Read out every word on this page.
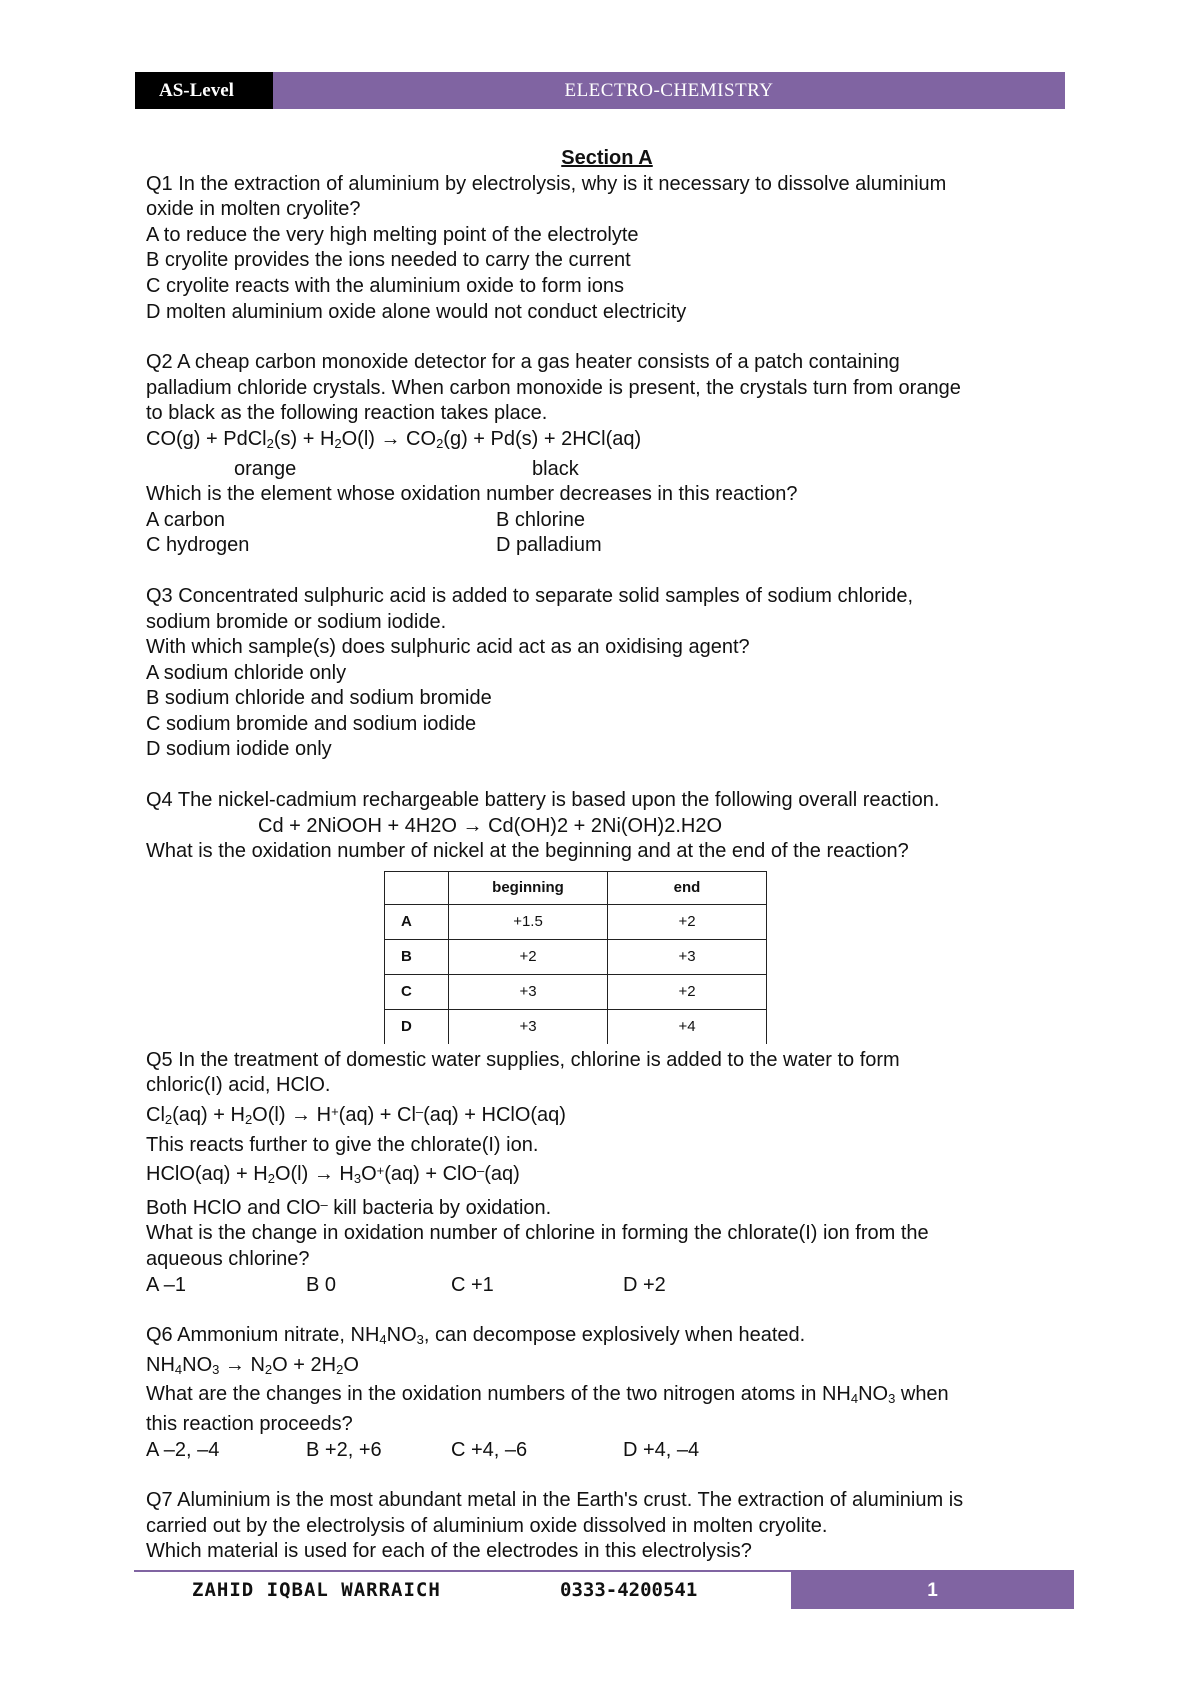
AS-Level	ELECTRO-CHEMISTRY

Section A

Q1 In the extraction of aluminium by electrolysis, why is it necessary to dissolve aluminium

oxide in molten cryolite?

A to reduce the very high melting point of the electrolyte

B cryolite provides the ions needed to carry the current

C cryolite reacts with the aluminium oxide to form ions

D molten aluminium oxide alone would not conduct electricity

Q2 A cheap carbon monoxide detector for a gas heater consists of a patch containing

palladium chloride crystals. When carbon monoxide is present, the crystals turn from orange

to black as the following reaction takes place.

CO(g) + PdCl$_2$(s) + $H_2O(l) \to CO_2(g) + Pd(s) + 2HCl(aq)$

orange	black

Which is the element whose oxidation number decreases in this reaction?

A carbon	B chlorine
C hydrogen	D palladium

Q3 Concentrated sulphuric acid is added to separate solid samples of sodium chloride,

sodium bromide or sodium iodide.

With which sample(s) does sulphuric acid act as an oxidising agent?

A sodium chloride only

B sodium chloride and sodium bromide

C sodium bromide and sodium iodide

D sodium iodide only

Q4 The nickel-cadmium rechargeable battery is based upon the following overall reaction.

Cd + 2NiOOH + 4H2O → Cd(OH)2 + 2Ni(OH)2.H2O

What is the oxidation number of nickel at the beginning and at the end of the reaction?

	beginning	end
A	+1.5	+2
B	+2	+3
C	+3	+2
D	+3	+4

Q5 In the treatment of domestic water supplies, chlorine is added to the water to form

chloric(I) acid, HClO.

$Cl_2(aq) + H_2O(l) \to H^+(aq) + Cl^-(aq)$ + HClO(aq)

This reacts further to give the chlorate(I) ion.

HClO(aq) + $H_2O(l) \to H_3O^+(aq) + ClO^-(aq)$

Both HClO and ClO– kill bacteria by oxidation.

What is the change in oxidation number of chlorine in forming the chlorate(I) ion from the

aqueous chlorine?

A –1	B 0	C +1	D +2

Q6 Ammonium nitrate, $NH_4NO_3$, can decompose explosively when heated.

$NH_4NO_3 \to N_2O + 2H_2O$

What are the changes in the oxidation numbers of the two nitrogen atoms in $NH_4NO_3$ when

this reaction proceeds?

A –2, –4	B +2, +6	C +4, –6	D +4, –4

Q7 Aluminium is the most abundant metal in the Earth's crust. The extraction of aluminium is

carried out by the electrolysis of aluminium oxide dissolved in molten cryolite.

Which material is used for each of the electrodes in this electrolysis?

ZAHID IQBAL WARRAICH	0333-4200541	1
